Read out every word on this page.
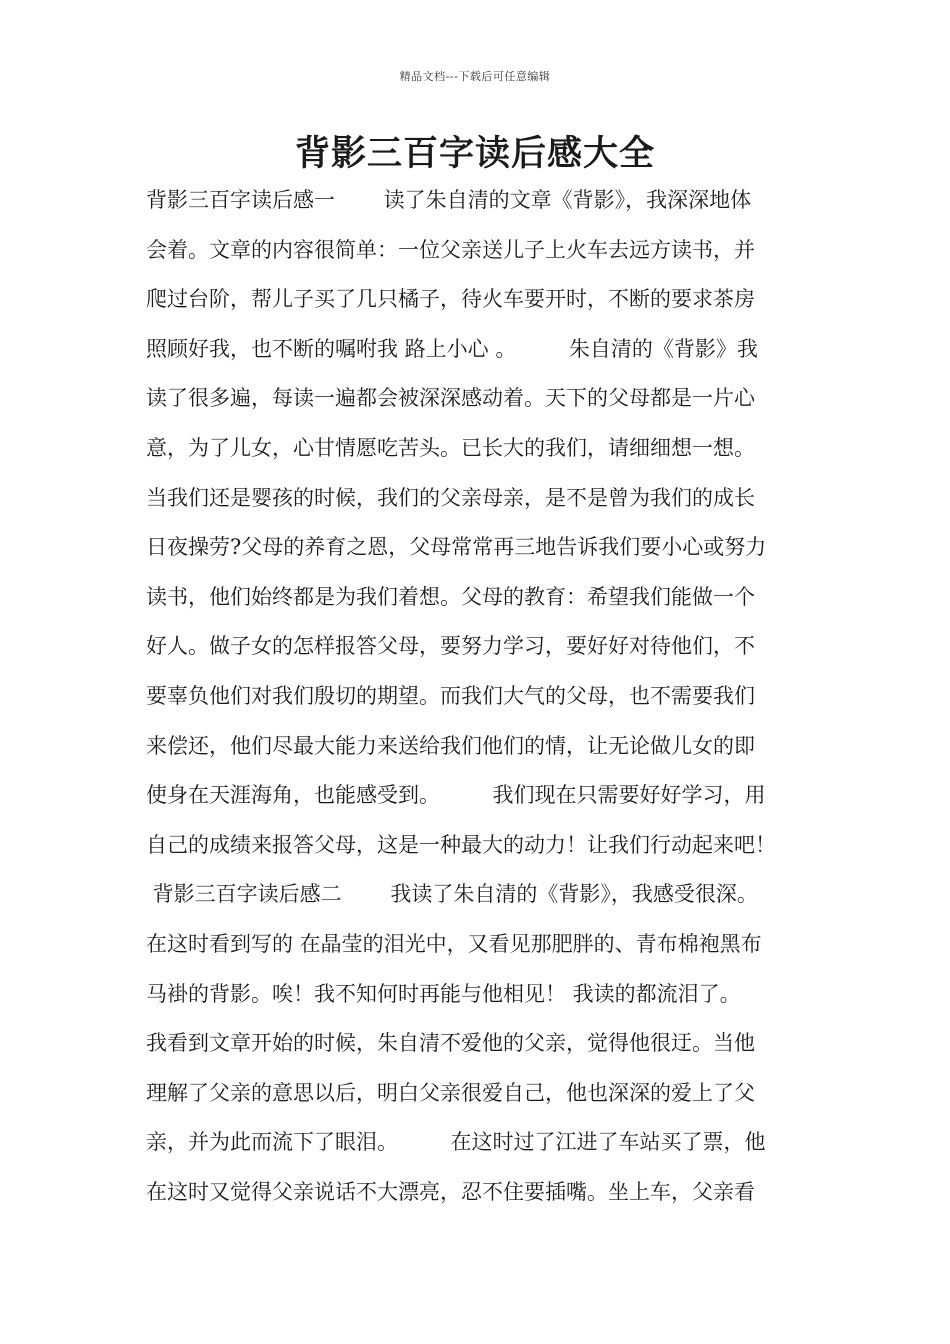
精品文档---下载后可任意编辑
背影三百字读后感大全
背影三百字读后感一　　 读了朱自清的文章《背影》，我深深地体
会着。文章的内容很简单：一位父亲送儿子上火车去远方读书，并
爬过台阶，帮儿子买了几只橘子，待火车要开时，不断的要求茶房
照顾好我，也不断的嘱咐我 路上小心 。　　　朱自清的《背影》我
读了很多遍，每读一遍都会被深深感动着。天下的父母都是一片心
意，为了儿女，心甘情愿吃苦头。已长大的我们，请细细想一想。
当我们还是婴孩的时候，我们的父亲母亲，是不是曾为我们的成长
日夜操劳?父母的养育之恩，父母常常再三地告诉我们要小心或努力
读书，他们始终都是为我们着想。父母的教育：希望我们能做一个
好人。做子女的怎样报答父母，要努力学习，要好好对待他们，不
要辜负他们对我们殷切的期望。而我们大气的父母，也不需要我们
来偿还，他们尽最大能力来送给我们他们的情，让无论做儿女的即
使身在天涯海角，也能感受到。　　　我们现在只需要好好学习，用
自己的成绩来报答父母，这是一种最大的动力！让我们行动起来吧！
背影三百字读后感二　　 我读了朱自清的《背影》，我感受很深。
在这时看到写的 在晶莹的泪光中，又看见那肥胖的、青布棉袍黑布
马褂的背影。唉！我不知何时再能与他相见！ 我读的都流泪了。
我看到文章开始的时候，朱自清不爱他的父亲，觉得他很迂。当他
理解了父亲的意思以后，明白父亲很爱自己，他也深深的爱上了父
亲，并为此而流下了眼泪。　　　在这时过了江进了车站买了票，他
在这时又觉得父亲说话不大漂亮，忍不住要插嘴。坐上车，父亲看
